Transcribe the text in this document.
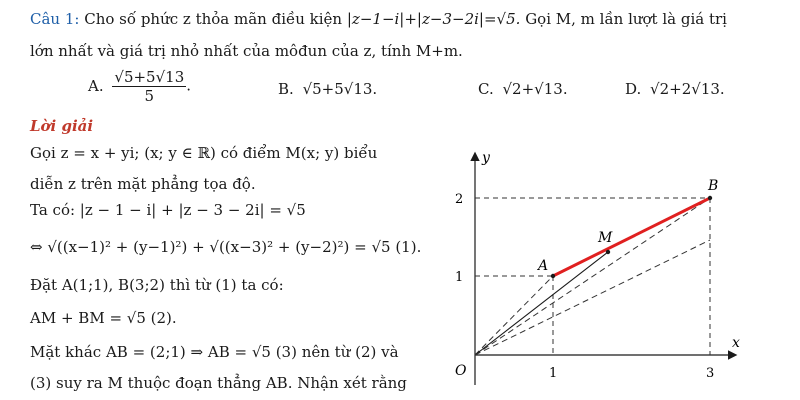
Câu 1: Cho số phức z thỏa mãn điều kiện |z−1−i|+|z−3−2i|=√5. Gọi M, m lần lượt là giá trị
lớn nhất và giá trị nhỏ nhất của môđun của z, tính M+m.
A. $\frac{√5+5√13}{5}$ .	B. √5+5√13.	C. √2+√13.	D. √2+2√13.
Lời giải
Gọi z = x + yi; (x; y ∈ ℝ) có điểm M(x; y) biểu
diễn z trên mặt phẳng tọa độ.
Ta có: |z − 1 − i| + |z − 3 − 2i| = √5
⇔ √((x−1)² + (y−1)²) + √((x−3)² + (y−2)²) = √5 (1).
Đặt A(1;1), B(3;2) thì từ (1) ta có:
AM + BM = √5 (2).
Mặt khác AB = (2;1) ⇒ AB = √5 (3) nên từ (2) và
(3) suy ra M thuộc đoạn thẳng AB. Nhận xét rằng
y
x
O
2
1
1	3
A
B
M
